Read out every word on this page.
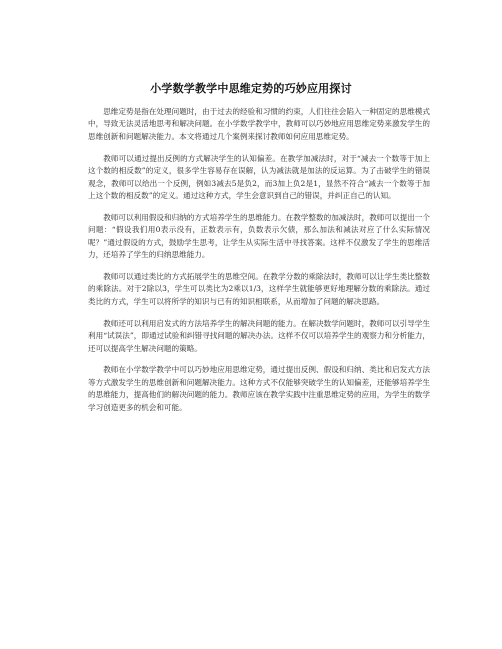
小学数学教学中思维定势的巧妙应用探讨

思维定势是指在处理问题时，由于过去的经验和习惯的约束，人们往往会陷入一种固定的思维模式中，导致无法灵活地思考和解决问题。在小学数学教学中，教师可以巧妙地应用思维定势来激发学生的思维创新和问题解决能力。本文将通过几个案例来探讨教师如何应用思维定势。

教师可以通过提出反例的方式解决学生的认知偏差。在教学加减法时，对于“减去一个数等于加上这个数的相反数”的定义，很多学生容易存在误解，认为减法就是加法的反运算。为了击破学生的错误观念，教师可以给出一个反例，例如3减去5是负2，而3加上负2是1，显然不符合“减去一个数等于加上这个数的相反数”的定义。通过这种方式，学生会意识到自己的错误，并纠正自己的认知。

教师可以利用假设和归纳的方式培养学生的思维能力。在教学整数的加减法时，教师可以提出一个问题：“假设我们用0表示没有，正数表示有，负数表示欠债，那么加法和减法对应了什么实际情况呢？”通过假设的方式，鼓励学生思考，让学生从实际生活中寻找答案。这样不仅激发了学生的思维活力，还培养了学生的归纳思维能力。

教师可以通过类比的方式拓展学生的思维空间。在教学分数的乘除法时，教师可以让学生类比整数的乘除法。对于2除以3，学生可以类比为2乘以1/3，这样学生就能够更好地理解分数的乘除法。通过类比的方式，学生可以将所学的知识与已有的知识相联系，从而增加了问题的解决思路。

教师还可以利用启发式的方法培养学生的解决问题的能力。在解决数学问题时，教师可以引导学生利用“试误法”，即通过试验和纠错寻找问题的解决办法。这样不仅可以培养学生的观察力和分析能力，还可以提高学生解决问题的策略。

教师在小学数学教学中可以巧妙地应用思维定势，通过提出反例、假设和归纳、类比和启发式方法等方式激发学生的思维创新和问题解决能力。这种方式不仅能够突破学生的认知偏差，还能够培养学生的思维能力，提高他们的解决问题的能力。教师应该在教学实践中注重思维定势的应用，为学生的数学学习创造更多的机会和可能。
